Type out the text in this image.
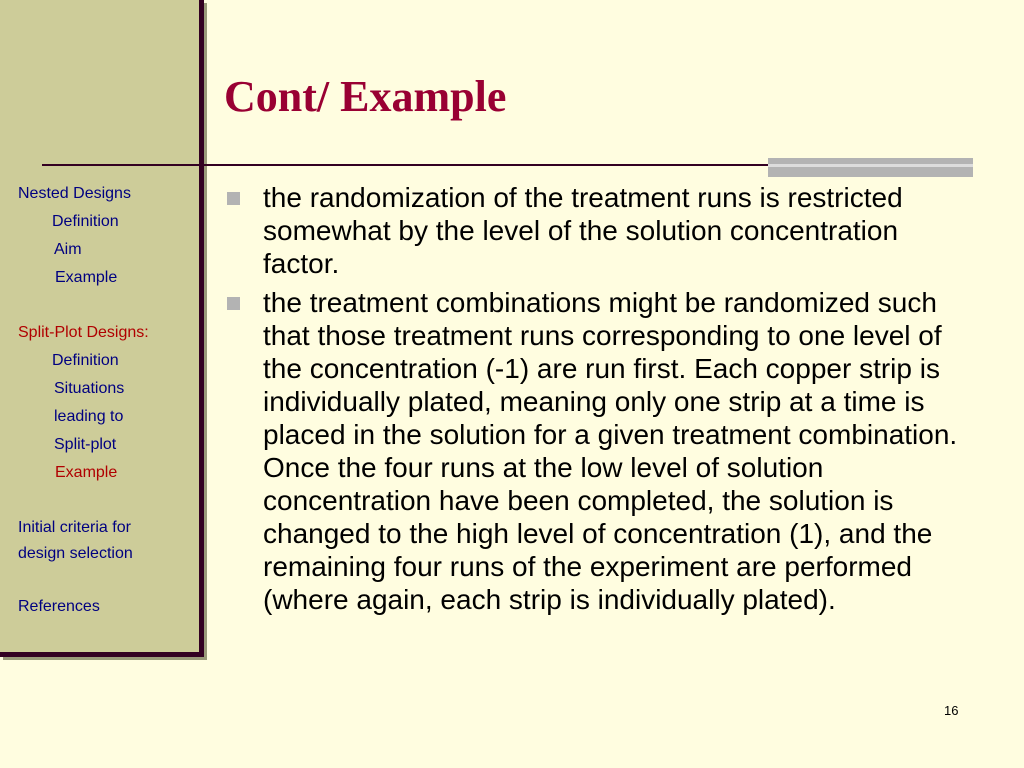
Nested Designs
Definition
Aim
Example
Split-Plot Designs:
Definition
Situations
leading to
Split-plot
Example
Initial criteria for
design selection
References
Cont/ Example
the randomization of the treatment runs is restricted somewhat by the level of the solution concentration factor.
the treatment combinations might be randomized such that those treatment runs corresponding to one level of the concentration (-1) are run first. Each copper strip is individually plated, meaning only one strip at a time is placed in the solution for a given treatment combination. Once the four runs at the low level of solution concentration have been completed, the solution is changed to the high level of concentration (1), and the remaining four runs of the experiment are performed (where again, each strip is individually plated).
16
